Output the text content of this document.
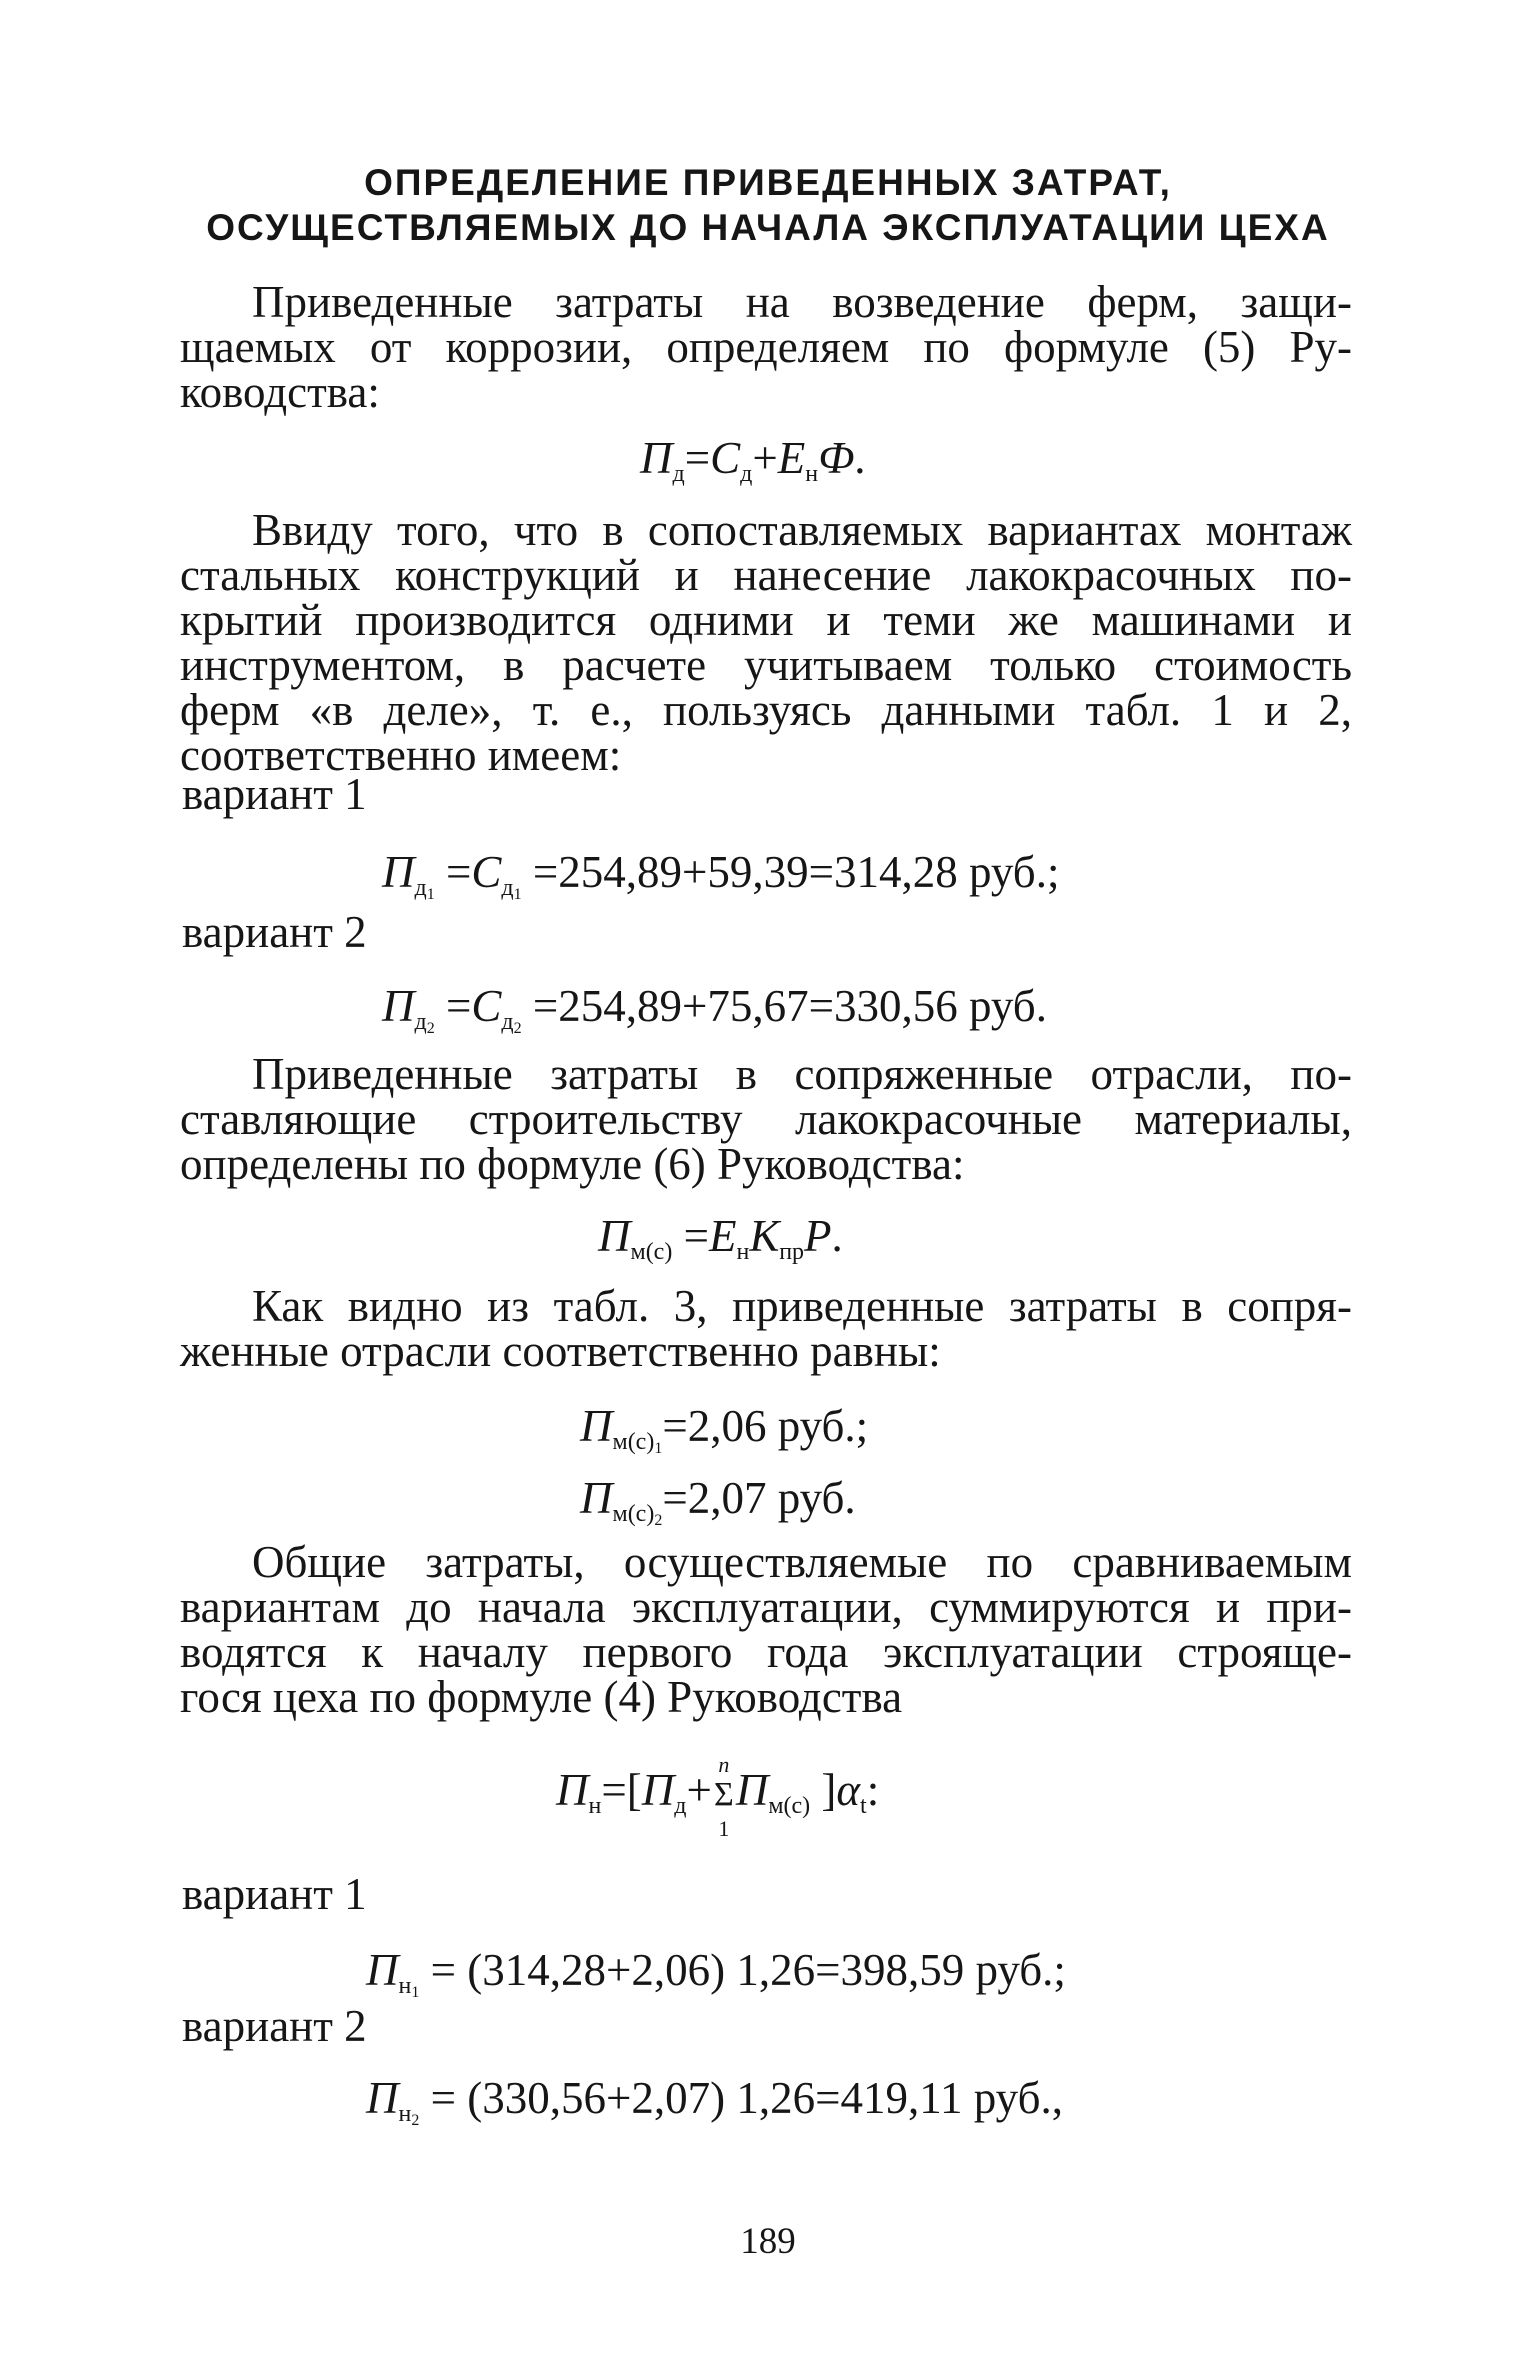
ОПРЕДЕЛЕНИЕ ПРИВЕДЕННЫХ ЗАТРАТ,
ОСУЩЕСТВЛЯЕМЫХ ДО НАЧАЛА ЭКСПЛУАТАЦИИ ЦЕХА
Приведенные затраты на возведение ферм, защи-
щаемых от коррозии, определяем по формуле (5) Ру-
ководства:
$П_д=С_д+Е_нФ$.
Ввиду того, что в сопоставляемых вариантах монтаж
стальных конструкций и нанесение лакокрасочных по-
крытий производится одними и теми же машинами и
инструментом, в расчете учитываем только стоимость
ферм «в деле», т. е., пользуясь данными табл. 1 и 2,
соответственно имеем:
вариант 1
$П_{д_1} =С_{д_1} =254,89+59,39=314,28$ руб.;
вариант 2
$П_{д_2} =С_{д_2} =254,89+75,67=330,56$ руб.
Приведенные затраты в сопряженные отрасли, по-
ставляющие строительству лакокрасочные материалы,
определены по формуле (6) Руководства:
$П_{м(с)} =Е_нК_{пр}Р$.
Как видно из табл. 3, приведенные затраты в сопря-
женные отрасли соответственно равны:
$П_{м(с)_1}=2,06$ руб.;
$П_{м(с)_2}=2,07$ руб.
Общие затраты, осуществляемые по сравниваемым
вариантам до начала эксплуатации, суммируются и при-
водятся к началу первого года эксплуатации строяще-
гося цеха по формуле (4) Руководства
$П_н=[П_д+$
n
Σ
1
$П_{м(с)}$ ]$\alpha_t$:
вариант 1
$П_{н_1} = (314,28+2,06)$ 1,26=398,59 руб.;
вариант 2
$П_{н_2} = (330,56+2,07)$ 1,26=419,11 руб.,
189
